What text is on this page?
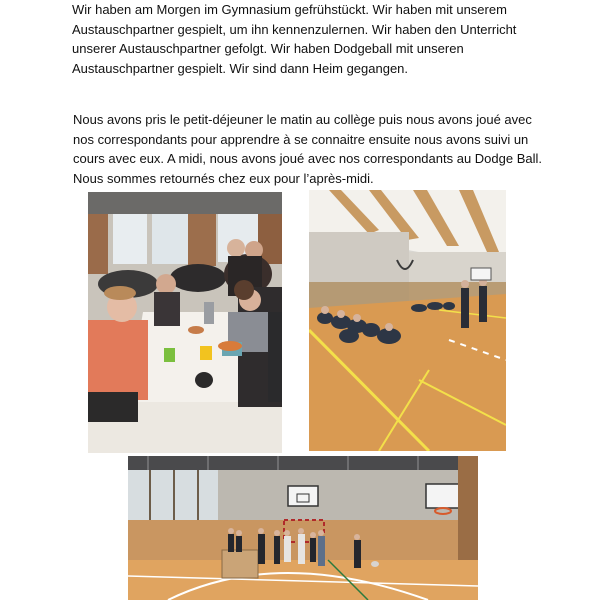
Wir haben am Morgen im Gymnasium gefrühstückt. Wir haben mit unserem Austauschpartner gespielt, um ihn kennenzulernen. Wir haben den Unterricht unserer Austauschpartner gefolgt. Wir haben Dodgeball mit unseren Austauschpartner gespielt. Wir sind dann Heim gegangen.

Nous avons pris le petit-déjeuner le matin au collège puis nous avons joué avec nos correspondants pour apprendre à se connaitre ensuite nous avons suivi un cours avec eux. A midi, nous avons joué avec nos correspondants au Dodge Ball. Nous sommes retournés chez eux pour l’après-midi.
